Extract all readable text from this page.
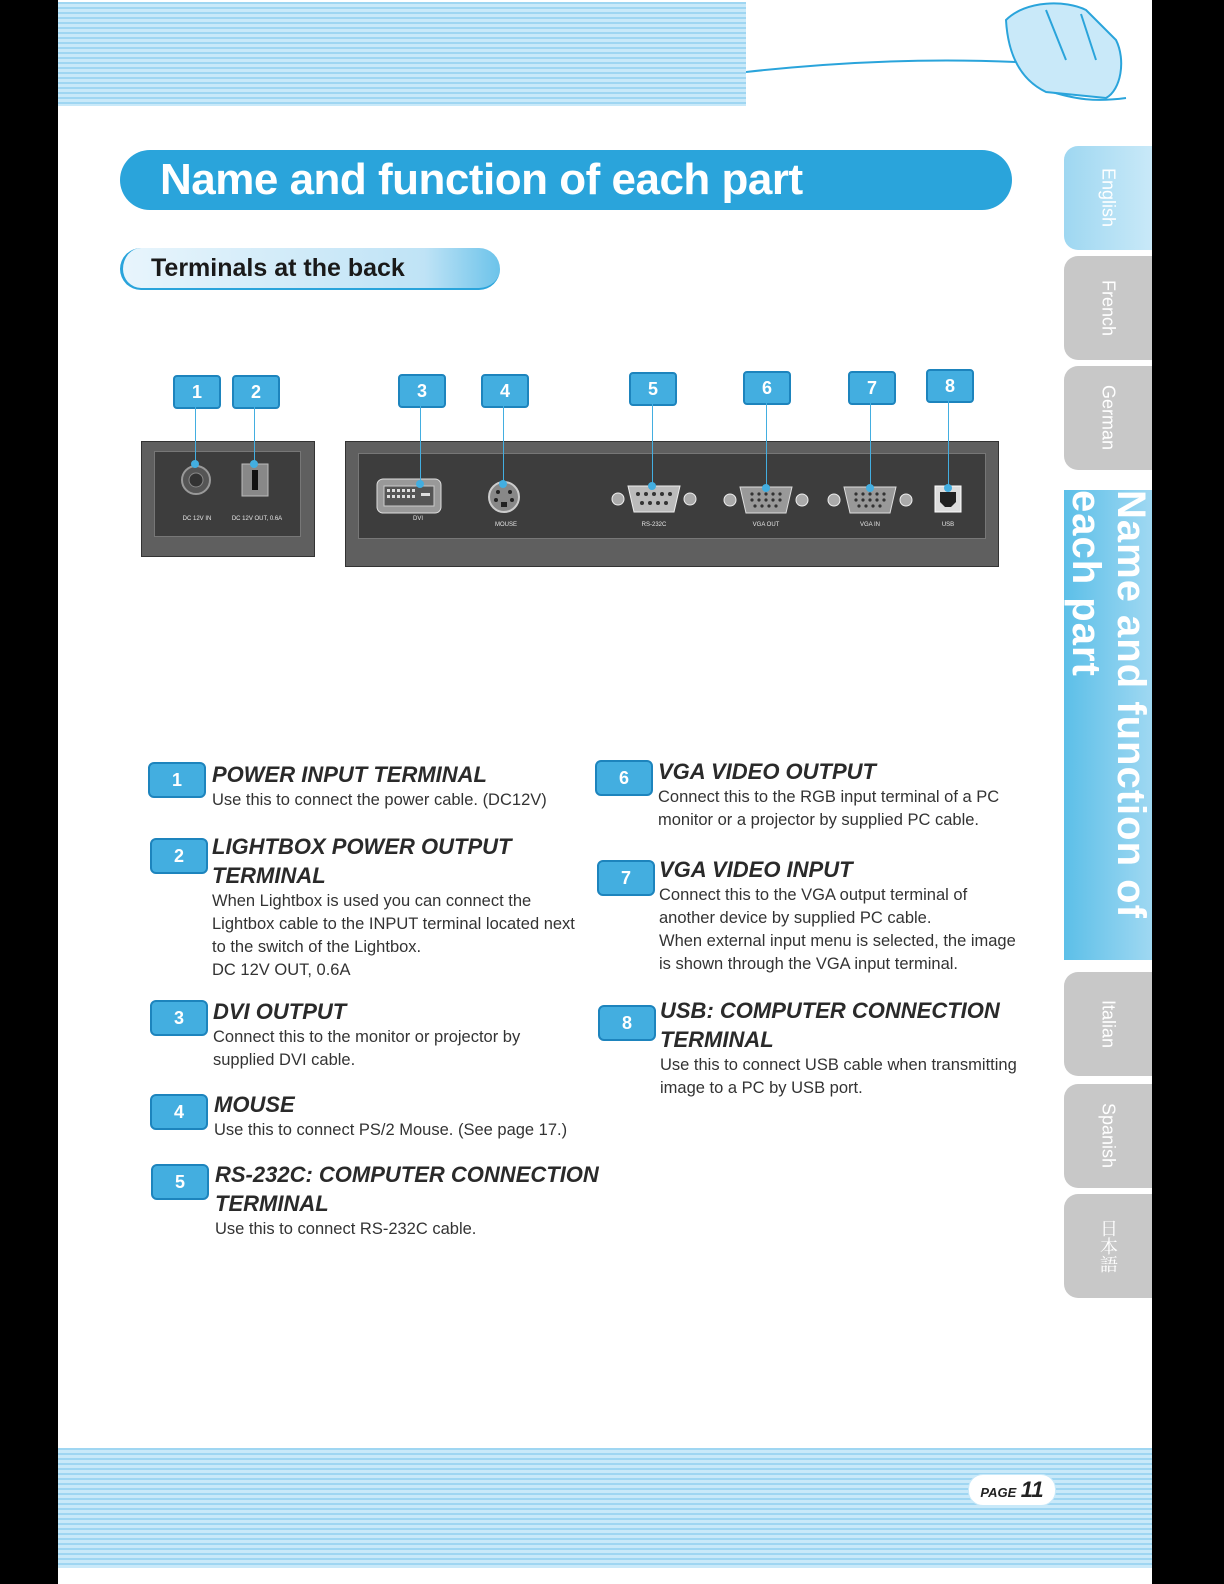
Name and function of each part
Terminals at the back
English
French
German
Name and function of each part
Italian
Spanish
日本語
1	2	3	4	5	6	7	8
DC 12V IN	DC 12V OUT, 0.6A	DVI
MOUSE	RS-232C	VGA OUT	VGA IN	USB
1	POWER INPUT TERMINAL
Use this to connect the power cable. (DC12V)
2	LIGHTBOX POWER OUTPUT
TERMINAL
When Lightbox is used you can connect the
Lightbox cable to the INPUT terminal located next
to the switch of the Lightbox.
DC 12V OUT, 0.6A
3	DVI OUTPUT
Connect this to the monitor or projector by
supplied DVI cable.
4	MOUSE
Use this to connect PS/2 Mouse. (See page 17.)
5	RS-232C: COMPUTER CONNECTION
TERMINAL
Use this to connect RS-232C cable.
6	VGA VIDEO OUTPUT
Connect this to the RGB input terminal of a PC
monitor or a projector by supplied PC cable.
7	VGA VIDEO INPUT
Connect this to the VGA output terminal of
another device by supplied PC cable.
When external input menu is selected, the image
is shown through the VGA input terminal.
8	USB: COMPUTER CONNECTION
TERMINAL
Use this to connect USB cable when transmitting
image to a PC by USB port.
PAGE 11
